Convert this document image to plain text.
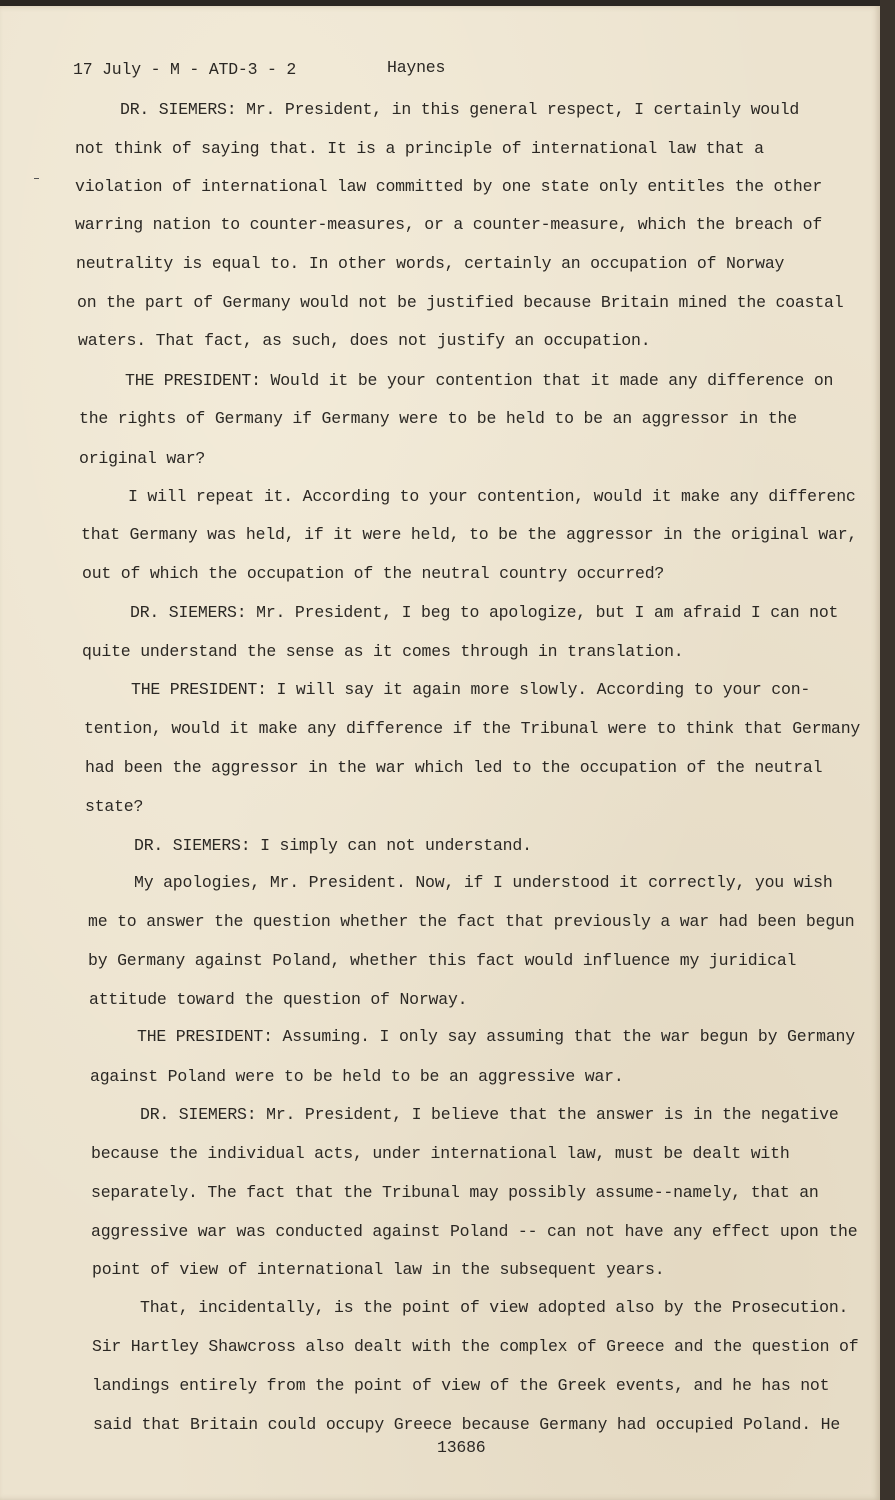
17 July - M - ATD-3 - 2	Haynes
DR. SIEMERS: Mr. President, in this general respect, I certainly would
not think of saying that. It is a principle of international law that a
violation of international law committed by one state only entitles the other
warring nation to counter-measures, or a counter-measure, which the breach of
neutrality is equal to. In other words, certainly an occupation of Norway
on the part of Germany would not be justified because Britain mined the coastal
waters. That fact, as such, does not justify an occupation.
THE PRESIDENT: Would it be your contention that it made any difference on
the rights of Germany if Germany were to be held to be an aggressor in the
original war?
I will repeat it. According to your contention, would it make any differenc
that Germany was held, if it were held, to be the aggressor in the original war,
out of which the occupation of the neutral country occurred?
DR. SIEMERS: Mr. President, I beg to apologize, but I am afraid I can not
quite understand the sense as it comes through in translation.
THE PRESIDENT: I will say it again more slowly. According to your con-
tention, would it make any difference if the Tribunal were to think that Germany
had been the aggressor in the war which led to the occupation of the neutral
state?
DR. SIEMERS: I simply can not understand.
My apologies, Mr. President. Now, if I understood it correctly, you wish
me to answer the question whether the fact that previously a war had been begun
by Germany against Poland, whether this fact would influence my juridical
attitude toward the question of Norway.
THE PRESIDENT: Assuming. I only say assuming that the war begun by Germany
against Poland were to be held to be an aggressive war.
DR. SIEMERS: Mr. President, I believe that the answer is in the negative
because the individual acts, under international law, must be dealt with
separately. The fact that the Tribunal may possibly assume--namely, that an
aggressive war was conducted against Poland -- can not have any effect upon the
point of view of international law in the subsequent years.
That, incidentally, is the point of view adopted also by the Prosecution.
Sir Hartley Shawcross also dealt with the complex of Greece and the question of
landings entirely from the point of view of the Greek events, and he has not
said that Britain could occupy Greece because Germany had occupied Poland. He
13686
